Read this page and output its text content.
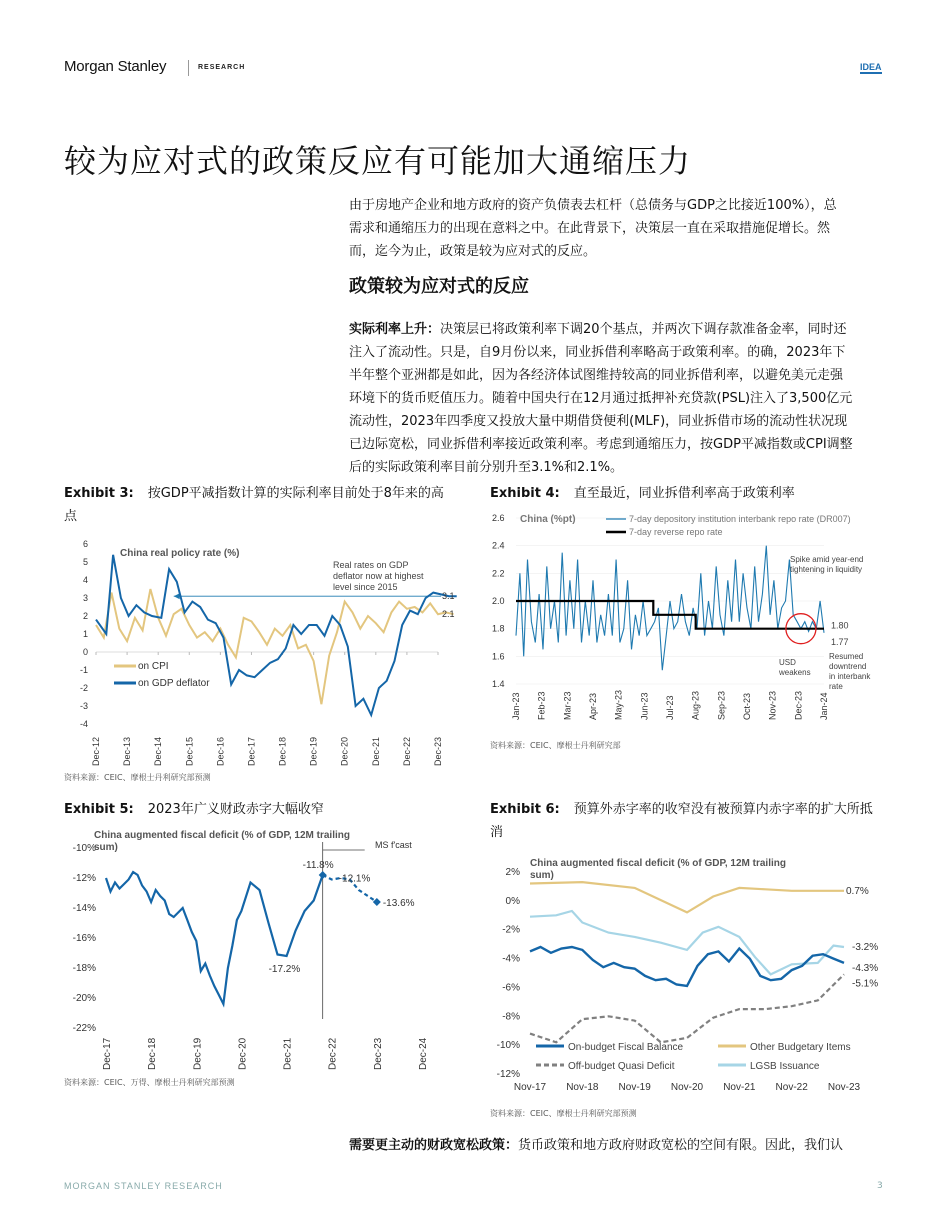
Morgan Stanley	RESEARCH	IDEA
较为应对式的政策反应有可能加大通缩压力
由于房地产企业和地方政府的资产负债表去杠杆（总债务与GDP之比接近100%），总
需求和通缩压力的出现在意料之中。在此背景下，决策层一直在采取措施促增长。然
而，迄今为止，政策是较为应对式的反应。
政策较为应对式的反应
实际利率上升：决策层已将政策利率下调20个基点，并两次下调存款准备金率，同时还
注入了流动性。只是，自9月份以来，同业拆借利率略高于政策利率。的确，2023年下
半年整个亚洲都是如此，因为各经济体试图维持较高的同业拆借利率，以避免美元走强
环境下的货币贬值压力。随着中国央行在12月通过抵押补充贷款(PSL)注入了3,500亿元
流动性，2023年四季度又投放大量中期借贷便利(MLF)，同业拆借市场的流动性状况现
已边际宽松，同业拆借利率接近政策利率。考虑到通缩压力，按GDP平减指数或CPI调整
后的实际政策利率目前分别升至3.1%和2.1%。
Exhibit 3: 按GDP平减指数计算的实际利率目前处于8年来的高
点
6
5
4
3
2
1
0
-1
-2
-3
-4
Dec-12 Dec-13 Dec-14 Dec-15 Dec-16 Dec-17 Dec-18 Dec-19 Dec-20 Dec-21 Dec-22 Dec-23
China real policy rate (%)
Real rates on GDP
deflator now at highest
level since 2015
3.1
2.1
on CPI
on GDP deflator
资料来源：CEIC、摩根士丹利研究部预测
Exhibit 4: 直至最近，同业拆借利率高于政策利率
2.6
2.4
2.2
2.0
1.8
1.6
1.4
Jan-23 Feb-23 Mar-23 Apr-23 May-23 Jun-23 Jul-23 Aug-23 Sep-23 Oct-23 Nov-23 Dec-23 Jan-24
China (%pt)	7-day depository institution interbank repo rate (DR007)
7-day reverse repo rate
Spike amid year-end
tightening in liquidity
USD
weakens
Resumed
downtrend
in interbank
rate
1.80
1.77
资料来源：CEIC、摩根士丹利研究部
Exhibit 5: 2023年广义财政赤字大幅收窄
-10%
-12%
-14%
-16%
-18%
-20%
-22%
China augmented fiscal deficit (% of GDP, 12M trailing
sum)	MS f'cast
-11.8%
-12.1%
-13.6%
-17.2%
Dec-17	Dec-18	Dec-19	Dec-20	Dec-21	Dec-22	Dec-23	Dec-24
资料来源：CEIC、万得、摩根士丹利研究部预测
Exhibit 6: 预算外赤字率的收窄没有被预算内赤字率的扩大所抵
消
2%
0%
-2%
-4%
-6%
-8%
-10%
-12%
China augmented fiscal deficit (% of GDP, 12M trailing
sum)
Nov-17 Nov-18 Nov-19 Nov-20 Nov-21 Nov-22 Nov-23
0.7%
-3.2%
-4.3%
-5.1%
On-budget Fiscal Balance	Other Budgetary Items
Off-budget Quasi Deficit	LGSB Issuance
资料来源：CEIC、摩根士丹利研究部预测
需要更主动的财政宽松政策：货币政策和地方政府财政宽松的空间有限。因此，我们认
MORGAN STANLEY RESEARCH	3
